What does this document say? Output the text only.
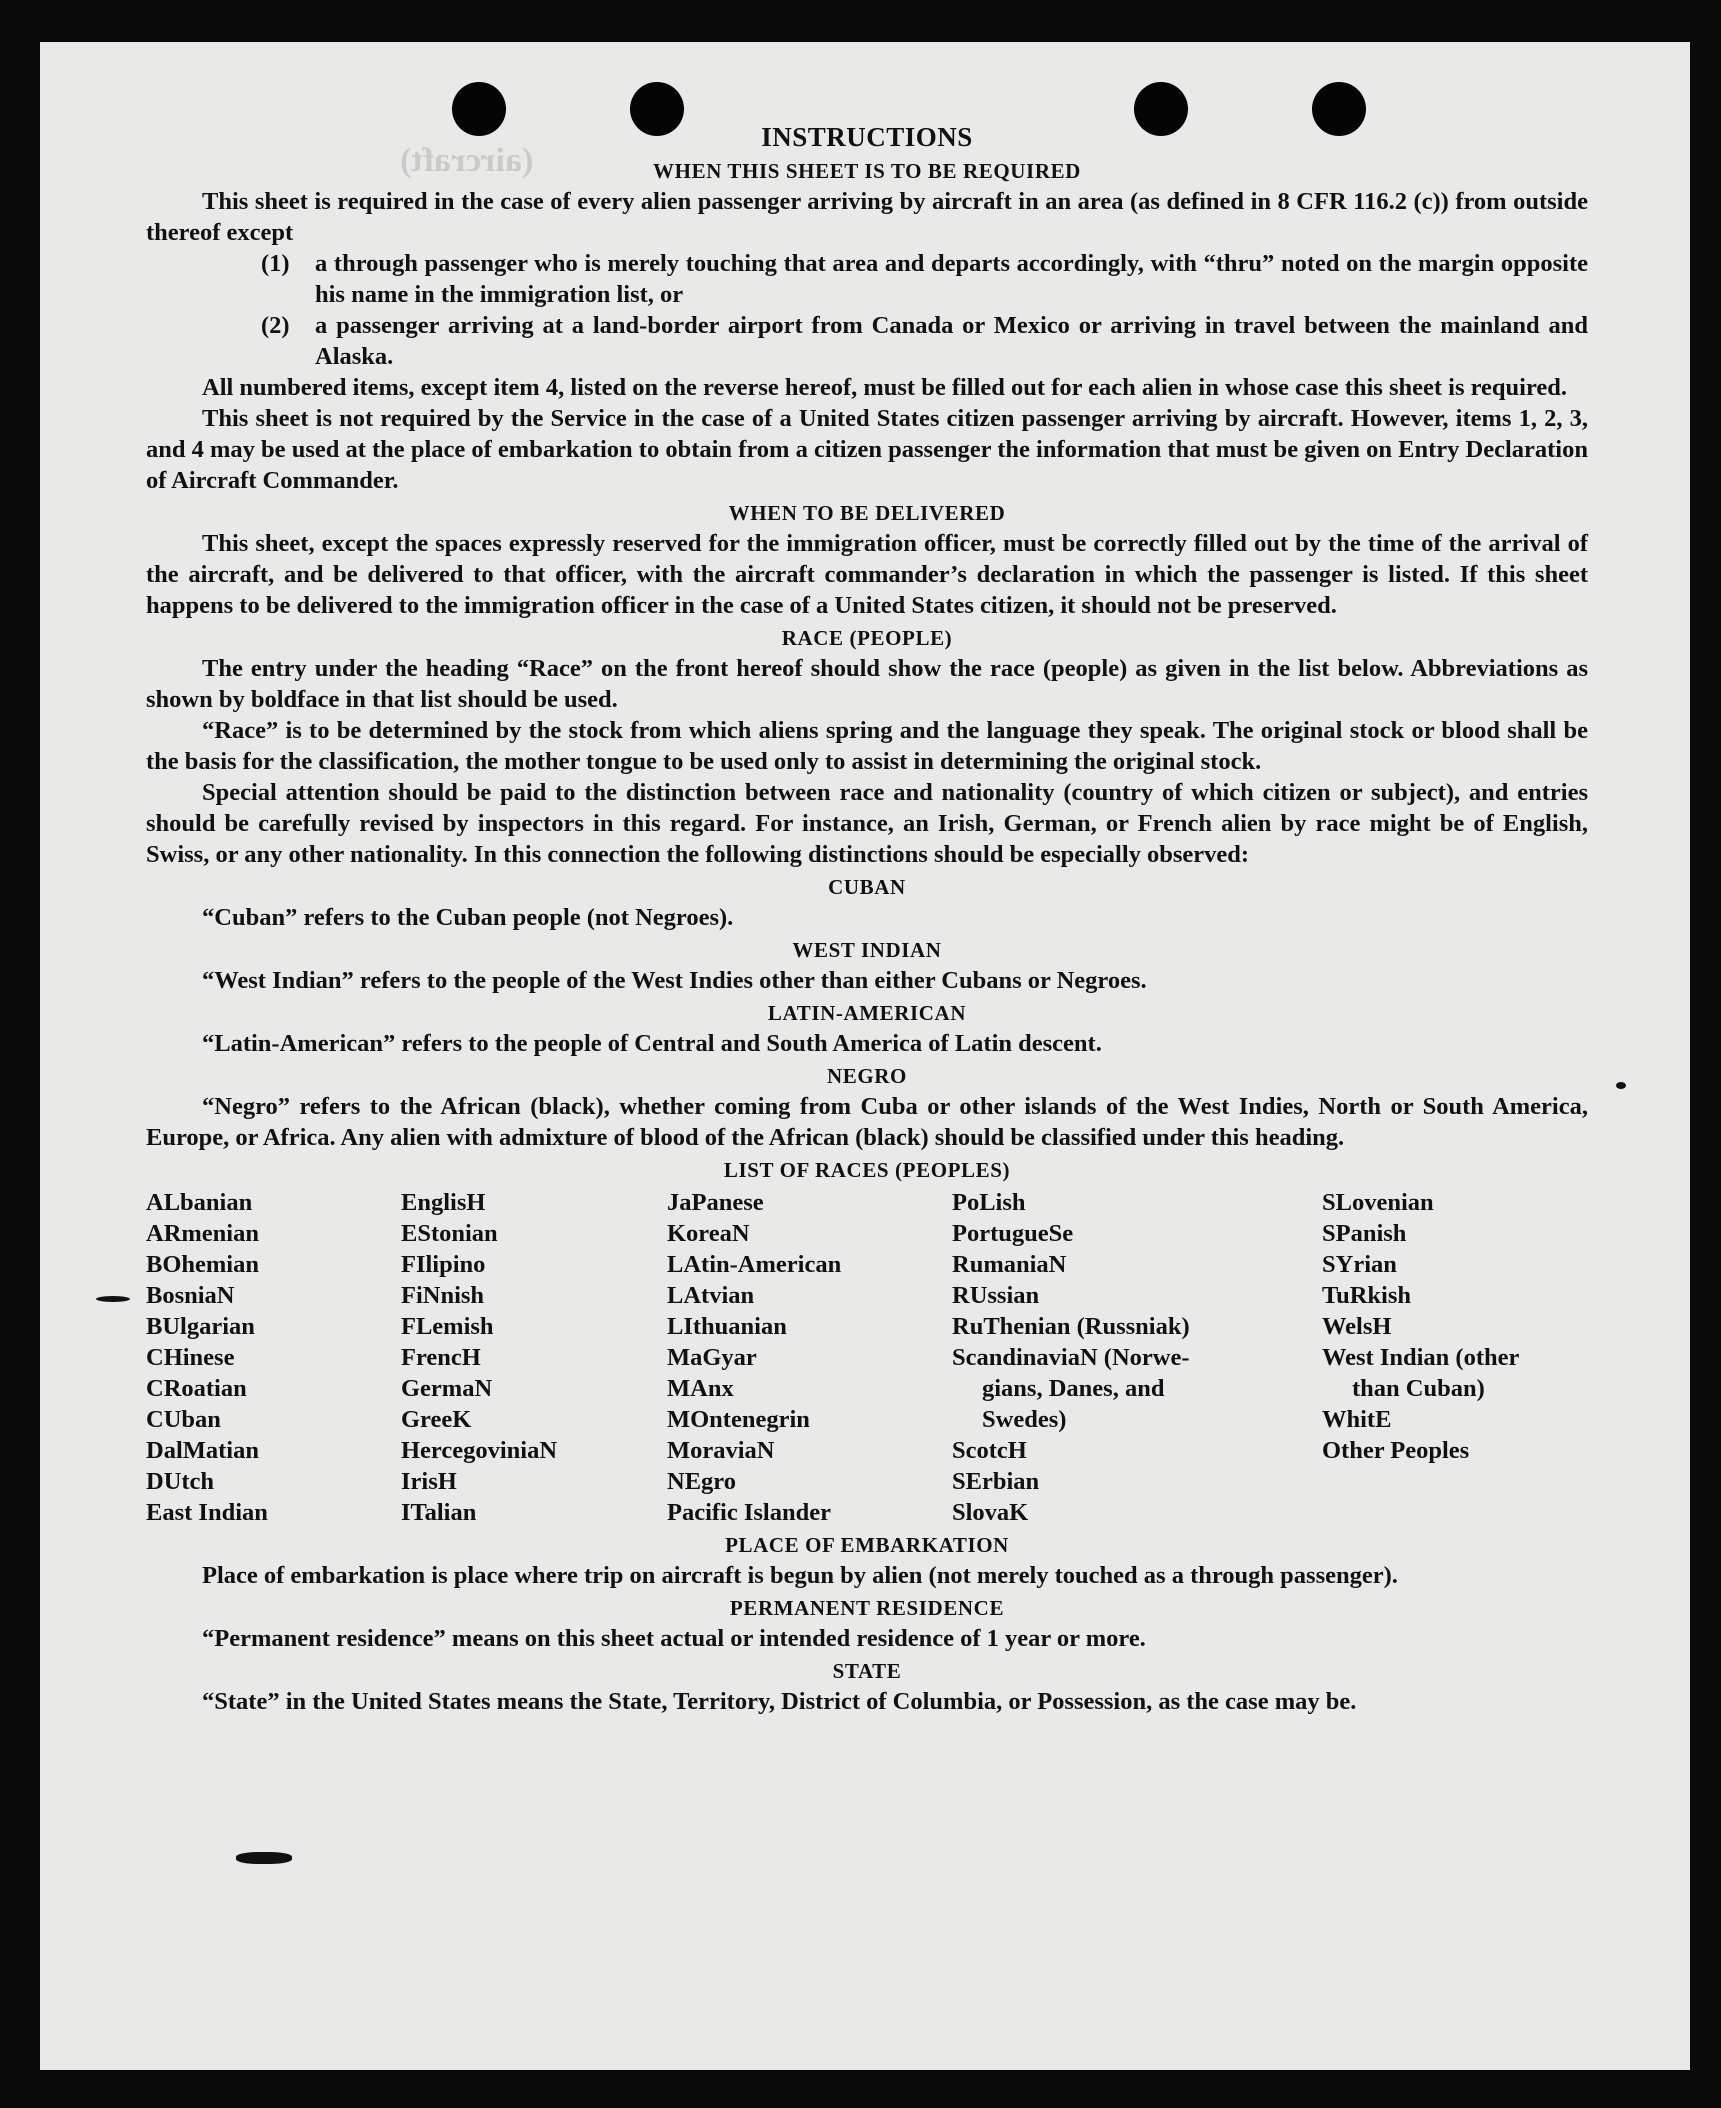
(aircraft)
INSTRUCTIONS
WHEN THIS SHEET IS TO BE REQUIRED

This sheet is required in the case of every alien passenger arriving by aircraft in an area (as defined in 8 CFR 116.2 (c)) from outside thereof except

(1)	a through passenger who is merely touching that area and departs accordingly, with “thru” noted on the margin opposite his name in the immigration list, or
(2)	a passenger arriving at a land-border airport from Canada or Mexico or arriving in travel between the mainland and Alaska.

All numbered items, except item 4, listed on the reverse hereof, must be filled out for each alien in whose case this sheet is required.

This sheet is not required by the Service in the case of a United States citizen passenger arriving by aircraft. However, items 1, 2, 3, and 4 may be used at the place of embarkation to obtain from a citizen passenger the information that must be given on Entry Declaration of Aircraft Commander.

WHEN TO BE DELIVERED

This sheet, except the spaces expressly reserved for the immigration officer, must be correctly filled out by the time of the arrival of the aircraft, and be delivered to that officer, with the aircraft commander’s declaration in which the passenger is listed. If this sheet happens to be delivered to the immigration officer in the case of a United States citizen, it should not be preserved.

RACE (PEOPLE)

The entry under the heading “Race” on the front hereof should show the race (people) as given in the list below. Abbreviations as shown by boldface in that list should be used.

“Race” is to be determined by the stock from which aliens spring and the language they speak. The original stock or blood shall be the basis for the classification, the mother tongue to be used only to assist in determining the original stock.

Special attention should be paid to the distinction between race and nationality (country of which citizen or subject), and entries should be carefully revised by inspectors in this regard. For instance, an Irish, German, or French alien by race might be of English, Swiss, or any other nationality. In this connection the following distinctions should be especially observed:

CUBAN

“Cuban” refers to the Cuban people (not Negroes).

WEST INDIAN

“West Indian” refers to the people of the West Indies other than either Cubans or Negroes.

LATIN-AMERICAN

“Latin-American” refers to the people of Central and South America of Latin descent.

NEGRO

“Negro” refers to the African (black), whether coming from Cuba or other islands of the West Indies, North or South America, Europe, or Africa. Any alien with admixture of blood of the African (black) should be classified under this heading.

LIST OF RACES (PEOPLES)
ALbanian
ARmenian
BOhemian
BosniaN
BUlgarian
CHinese
CRoatian
CUban
DalMatian
DUtch
East Indian
EnglisH
EStonian
FIlipino
FiNnish
FLemish
FrencH
GermaN
GreeK
HercegoviniaN
IrisH
ITalian
JaPanese
KoreaN
LAtin-American
LAtvian
LIthuanian
MaGyar
MAnx
MOntenegrin
MoraviaN
NEgro
Pacific Islander
PoLish
PortugueSe
RumaniaN
RUssian
RuThenian (Russniak)
ScandinaviaN (Norwe-
gians, Danes, and
Swedes)
ScotcH
SErbian
SlovaK
SLovenian
SPanish
SYrian
TuRkish
WelsH
West Indian (other
than Cuban)
WhitE
Other Peoples
PLACE OF EMBARKATION

Place of embarkation is place where trip on aircraft is begun by alien (not merely touched as a through passenger).

PERMANENT RESIDENCE

“Permanent residence” means on this sheet actual or intended residence of 1 year or more.

STATE

“State” in the United States means the State, Territory, District of Columbia, or Possession, as the case may be.
